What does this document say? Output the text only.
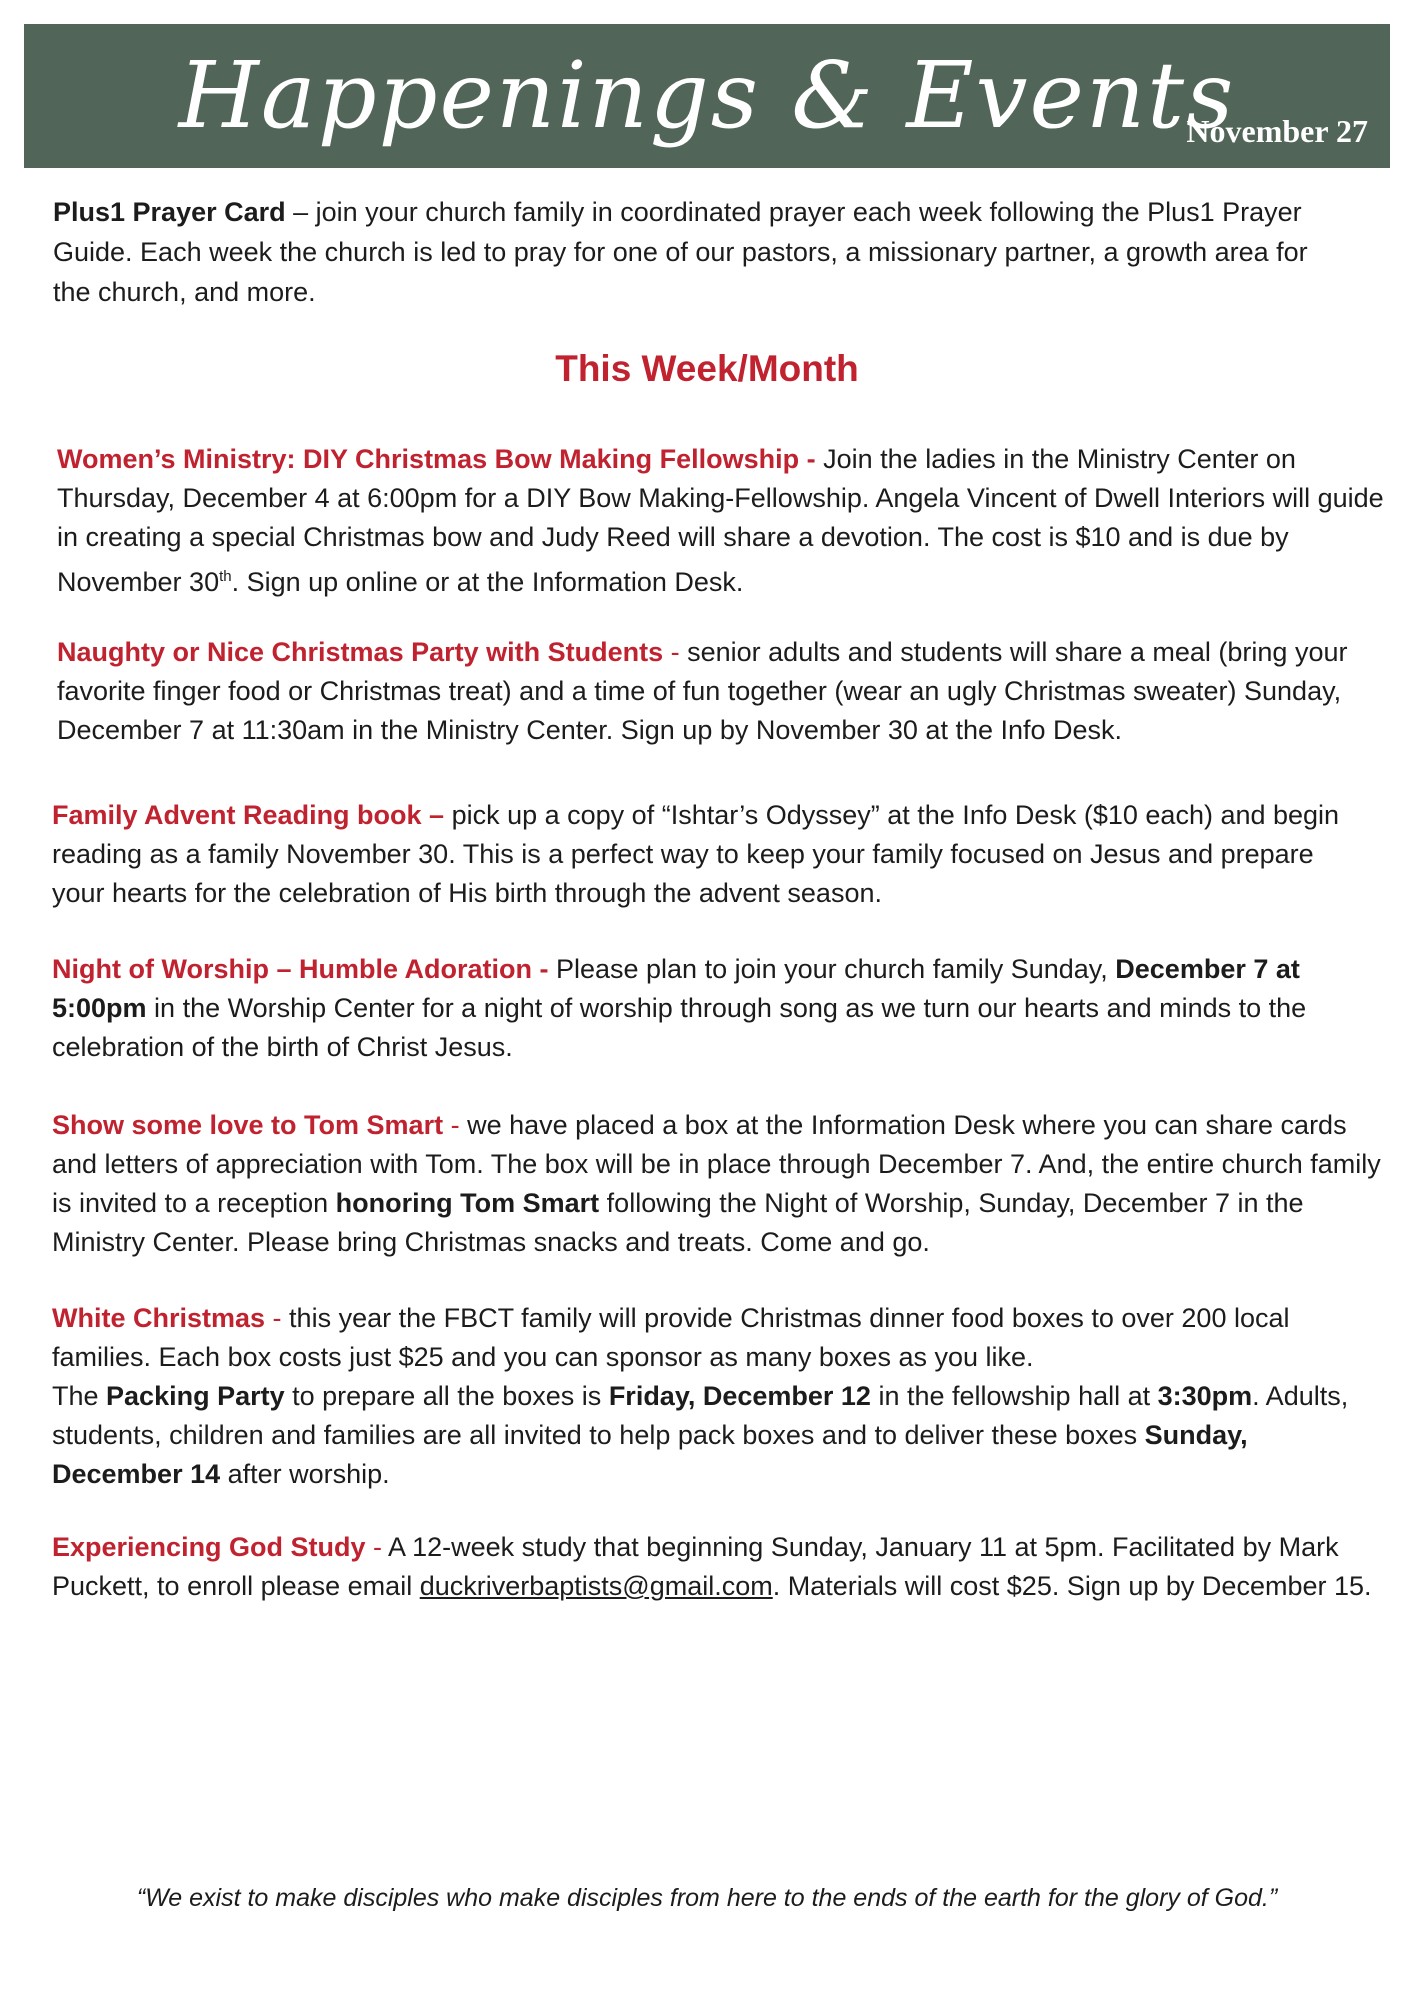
Happenings & Events
November 27
Plus1 Prayer Card – join your church family in coordinated prayer each week following the Plus1 Prayer Guide. Each week the church is led to pray for one of our pastors, a missionary partner, a growth area for the church, and more.
This Week/Month
Women’s Ministry: DIY Christmas Bow Making Fellowship - Join the ladies in the Ministry Center on Thursday, December 4 at 6:00pm for a DIY Bow Making-Fellowship. Angela Vincent of Dwell Interiors will guide in creating a special Christmas bow and Judy Reed will share a devotion. The cost is $10 and is due by November 30th. Sign up online or at the Information Desk.
Naughty or Nice Christmas Party with Students - senior adults and students will share a meal (bring your favorite finger food or Christmas treat) and a time of fun together (wear an ugly Christmas sweater) Sunday, December 7 at 11:30am in the Ministry Center. Sign up by November 30 at the Info Desk.
Family Advent Reading book – pick up a copy of “Ishtar’s Odyssey” at the Info Desk ($10 each) and begin reading as a family November 30. This is a perfect way to keep your family focused on Jesus and prepare your hearts for the celebration of His birth through the advent season.
Night of Worship – Humble Adoration - Please plan to join your church family Sunday, December 7 at 5:00pm in the Worship Center for a night of worship through song as we turn our hearts and minds to the celebration of the birth of Christ Jesus.
Show some love to Tom Smart - we have placed a box at the Information Desk where you can share cards and letters of appreciation with Tom. The box will be in place through December 7. And, the entire church family is invited to a reception honoring Tom Smart following the Night of Worship, Sunday, December 7 in the Ministry Center. Please bring Christmas snacks and treats. Come and go.
White Christmas - this year the FBCT family will provide Christmas dinner food boxes to over 200 local families. Each box costs just $25 and you can sponsor as many boxes as you like.
The Packing Party to prepare all the boxes is Friday, December 12 in the fellowship hall at 3:30pm. Adults, students, children and families are all invited to help pack boxes and to deliver these boxes Sunday, December 14 after worship.
Experiencing God Study - A 12-week study that beginning Sunday, January 11 at 5pm. Facilitated by Mark Puckett, to enroll please email duckriverbaptists@gmail.com. Materials will cost $25. Sign up by December 15.
“We exist to make disciples who make disciples from here to the ends of the earth for the glory of God.”
